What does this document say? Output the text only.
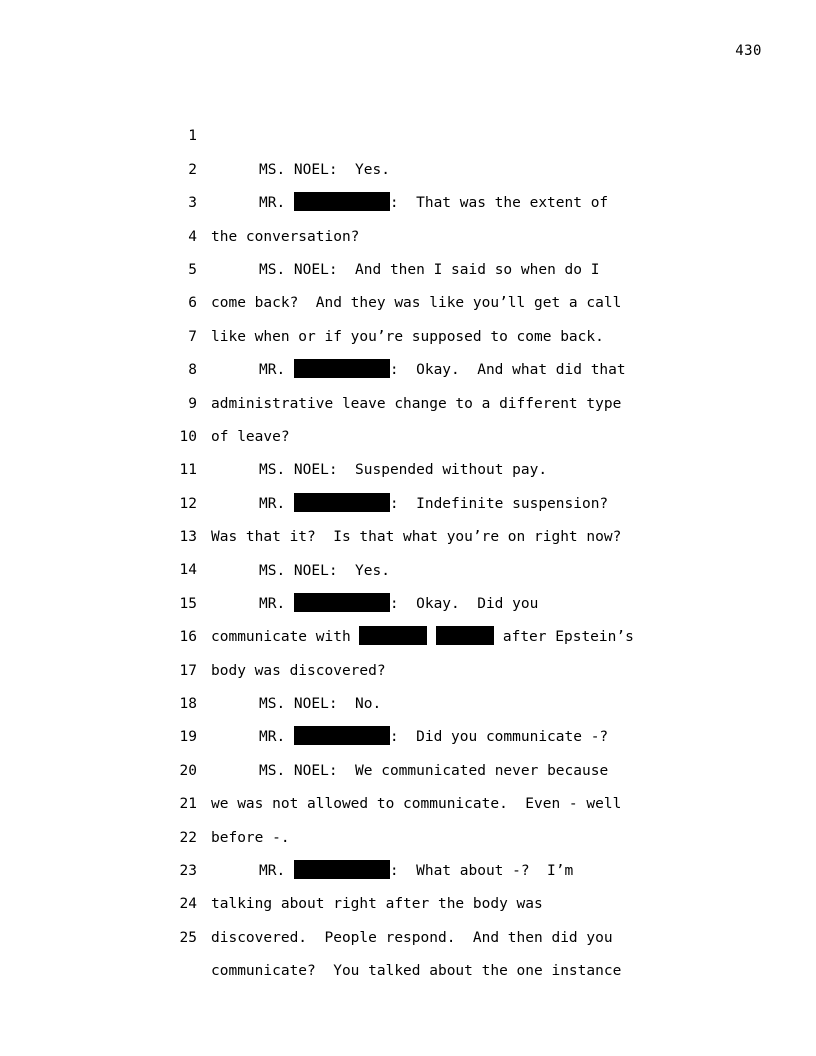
430

1

MS. NOEL:  Yes.

2

MR.	:  That was the extent of

3

the conversation?

4

MS. NOEL:  And then I said so when do I

5

come back?  And they was like you’ll get a call

6

like when or if you’re supposed to come back.

7

MR.	:  Okay.  And what did that

8

administrative leave change to a different type

9

of leave?

10

MS. NOEL:  Suspended without pay.

11

MR.	:  Indefinite suspension?

12

Was that it?  Is that what you’re on right now?

13

MS. NOEL:  Yes.

14

MR.	:  Okay.  Did you

15

communicate with	after Epstein’s

16

body was discovered?

17

MS. NOEL:  No.

18

MR.	:  Did you communicate -?

19

MS. NOEL:  We communicated never because

20

we was not allowed to communicate.  Even - well

21

before -.

22

MR.	:  What about -?  I’m

23

talking about right after the body was

24

discovered.  People respond.  And then did you

25

communicate?  You talked about the one instance
